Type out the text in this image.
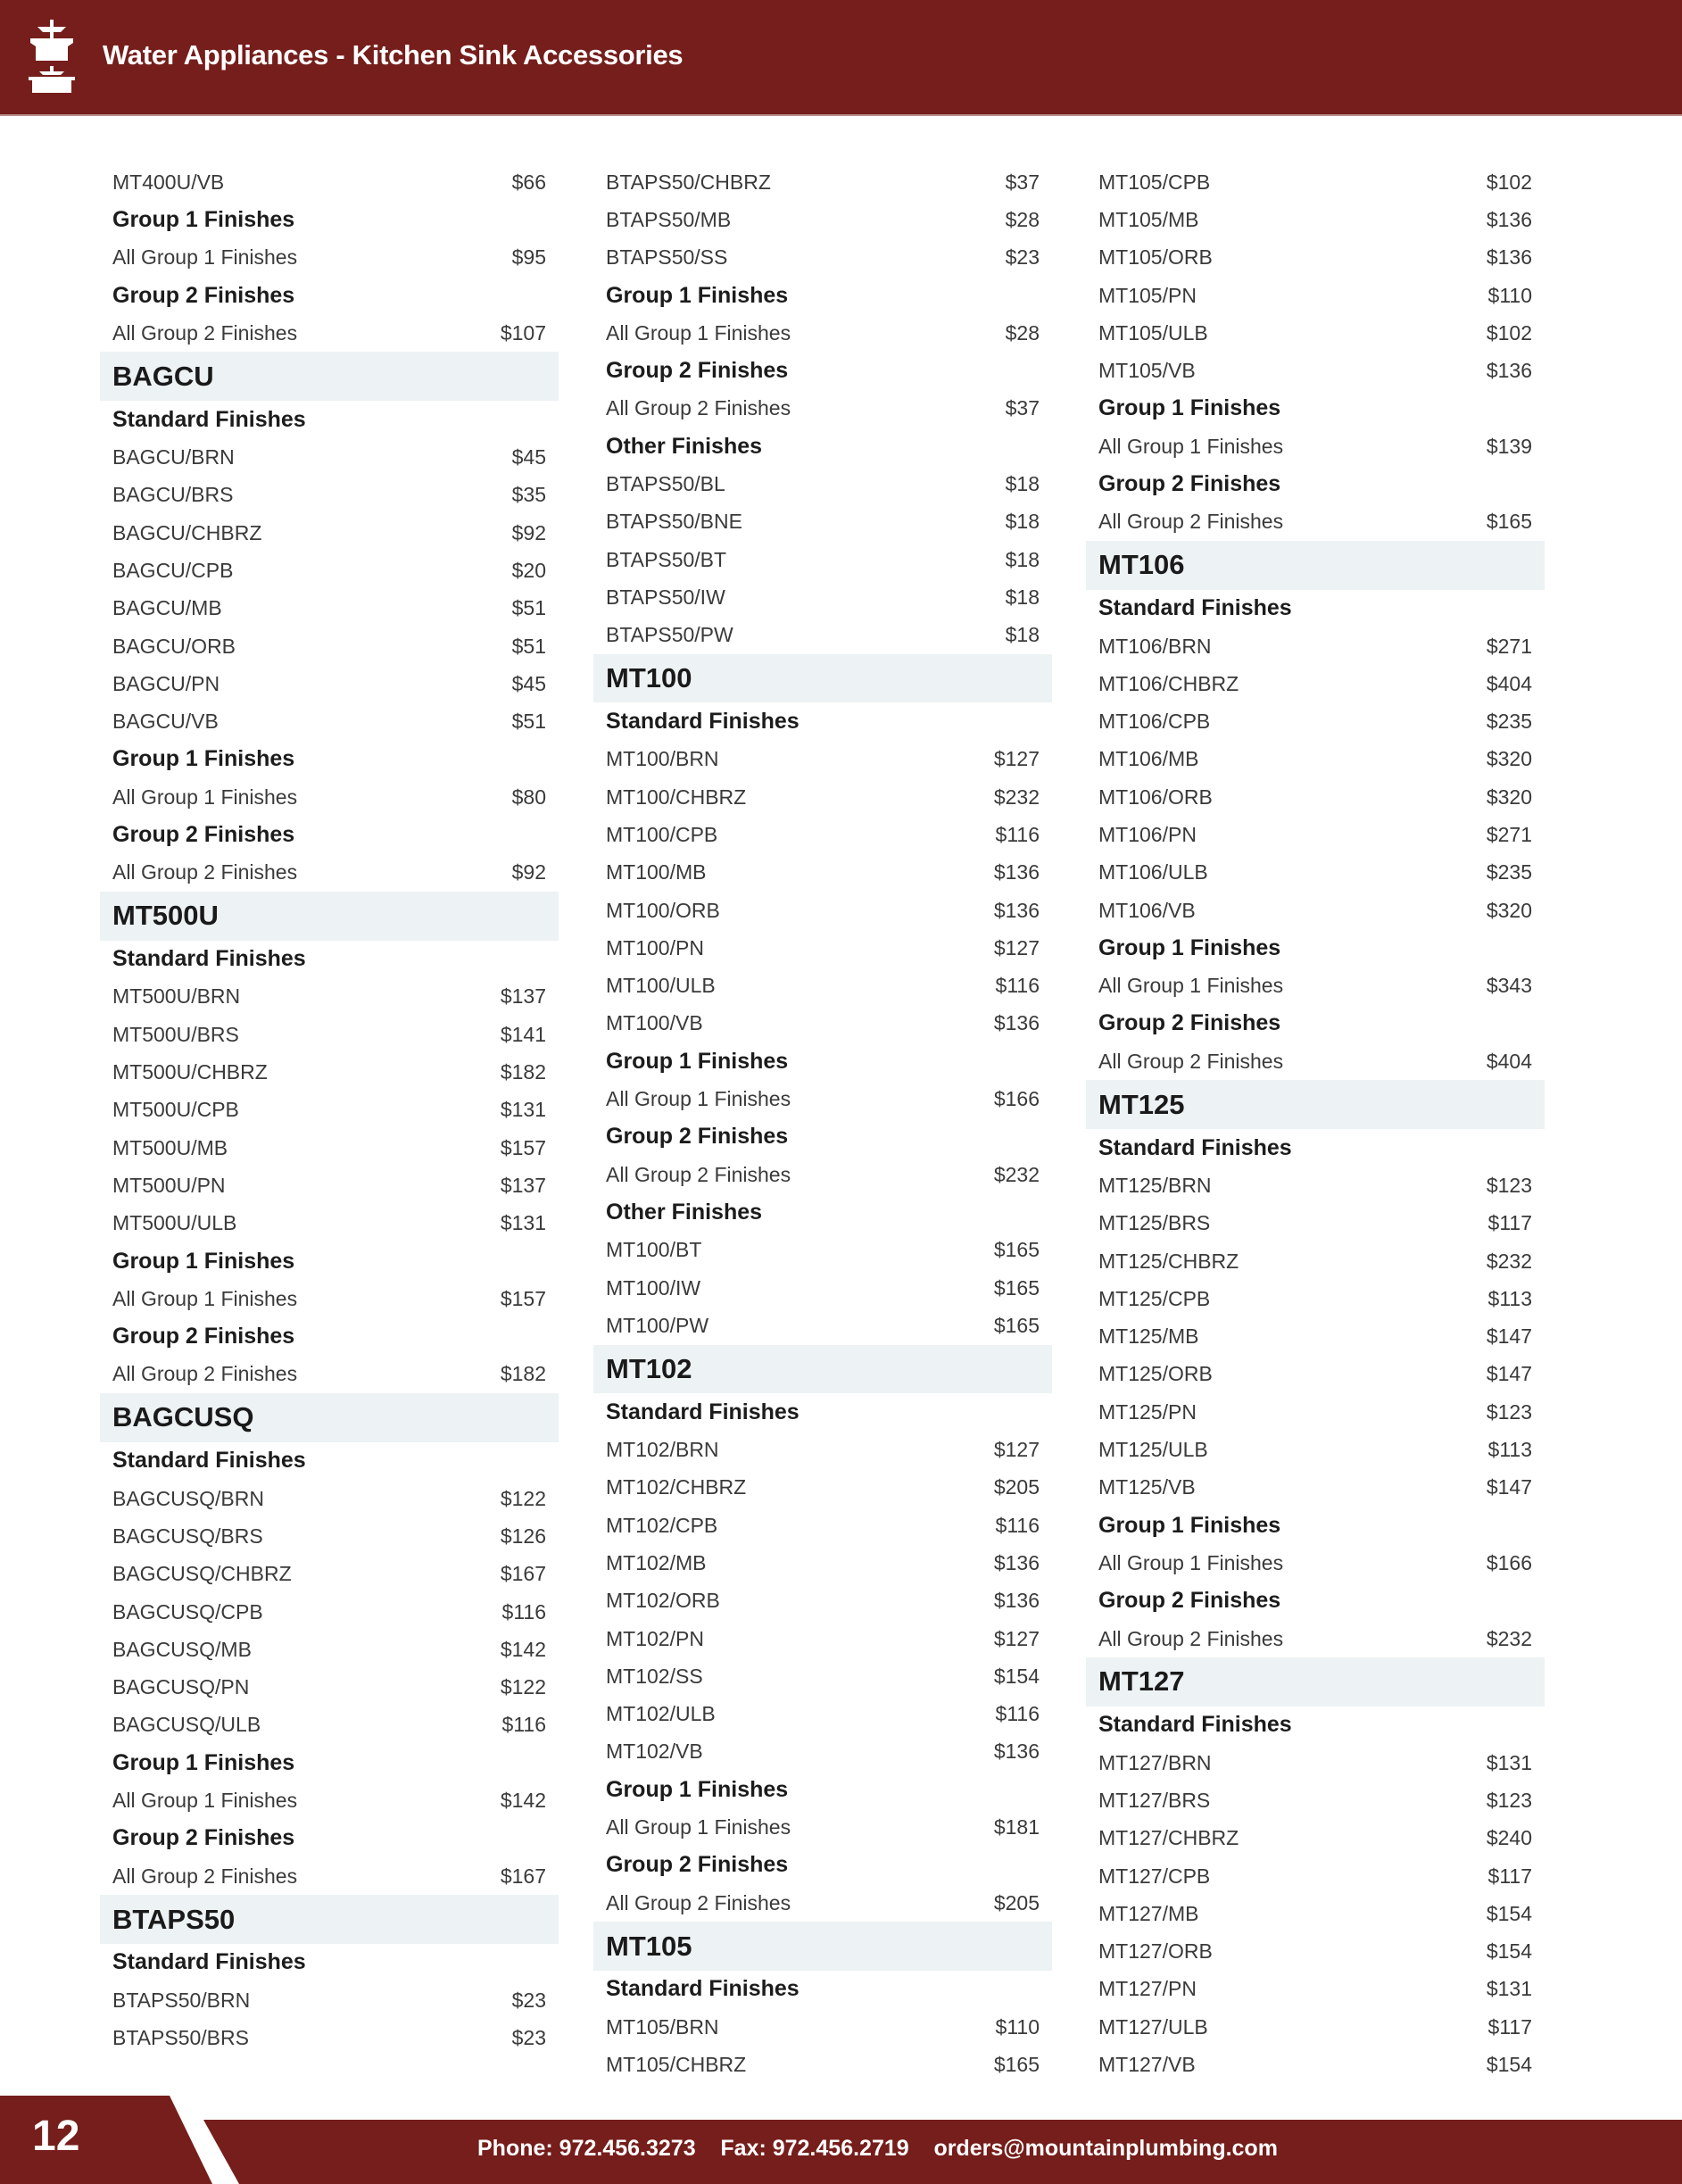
Water Appliances - Kitchen Sink Accessories
MT400U/VB	$66
Group 1 Finishes
All Group 1 Finishes	$95
Group 2 Finishes
All Group 2 Finishes	$107
BAGCU
Standard Finishes
BAGCU/BRN	$45
BAGCU/BRS	$35
BAGCU/CHBRZ	$92
BAGCU/CPB	$20
BAGCU/MB	$51
BAGCU/ORB	$51
BAGCU/PN	$45
BAGCU/VB	$51
Group 1 Finishes
All Group 1 Finishes	$80
Group 2 Finishes
All Group 2 Finishes	$92
MT500U
Standard Finishes
MT500U/BRN	$137
MT500U/BRS	$141
MT500U/CHBRZ	$182
MT500U/CPB	$131
MT500U/MB	$157
MT500U/PN	$137
MT500U/ULB	$131
Group 1 Finishes
All Group 1 Finishes	$157
Group 2 Finishes
All Group 2 Finishes	$182
BAGCUSQ
Standard Finishes
BAGCUSQ/BRN	$122
BAGCUSQ/BRS	$126
BAGCUSQ/CHBRZ	$167
BAGCUSQ/CPB	$116
BAGCUSQ/MB	$142
BAGCUSQ/PN	$122
BAGCUSQ/ULB	$116
Group 1 Finishes
All Group 1 Finishes	$142
Group 2 Finishes
All Group 2 Finishes	$167
BTAPS50
Standard Finishes
BTAPS50/BRN	$23
BTAPS50/BRS	$23
BTAPS50/CHBRZ	$37
BTAPS50/MB	$28
BTAPS50/SS	$23
Group 1 Finishes
All Group 1 Finishes	$28
Group 2 Finishes
All Group 2 Finishes	$37
Other Finishes
BTAPS50/BL	$18
BTAPS50/BNE	$18
BTAPS50/BT	$18
BTAPS50/IW	$18
BTAPS50/PW	$18
MT100
Standard Finishes
MT100/BRN	$127
MT100/CHBRZ	$232
MT100/CPB	$116
MT100/MB	$136
MT100/ORB	$136
MT100/PN	$127
MT100/ULB	$116
MT100/VB	$136
Group 1 Finishes
All Group 1 Finishes	$166
Group 2 Finishes
All Group 2 Finishes	$232
Other Finishes
MT100/BT	$165
MT100/IW	$165
MT100/PW	$165
MT102
Standard Finishes
MT102/BRN	$127
MT102/CHBRZ	$205
MT102/CPB	$116
MT102/MB	$136
MT102/ORB	$136
MT102/PN	$127
MT102/SS	$154
MT102/ULB	$116
MT102/VB	$136
Group 1 Finishes
All Group 1 Finishes	$181
Group 2 Finishes
All Group 2 Finishes	$205
MT105
Standard Finishes
MT105/BRN	$110
MT105/CHBRZ	$165
MT105/CPB	$102
MT105/MB	$136
MT105/ORB	$136
MT105/PN	$110
MT105/ULB	$102
MT105/VB	$136
Group 1 Finishes
All Group 1 Finishes	$139
Group 2 Finishes
All Group 2 Finishes	$165
MT106
Standard Finishes
MT106/BRN	$271
MT106/CHBRZ	$404
MT106/CPB	$235
MT106/MB	$320
MT106/ORB	$320
MT106/PN	$271
MT106/ULB	$235
MT106/VB	$320
Group 1 Finishes
All Group 1 Finishes	$343
Group 2 Finishes
All Group 2 Finishes	$404
MT125
Standard Finishes
MT125/BRN	$123
MT125/BRS	$117
MT125/CHBRZ	$232
MT125/CPB	$113
MT125/MB	$147
MT125/ORB	$147
MT125/PN	$123
MT125/ULB	$113
MT125/VB	$147
Group 1 Finishes
All Group 1 Finishes	$166
Group 2 Finishes
All Group 2 Finishes	$232
MT127
Standard Finishes
MT127/BRN	$131
MT127/BRS	$123
MT127/CHBRZ	$240
MT127/CPB	$117
MT127/MB	$154
MT127/ORB	$154
MT127/PN	$131
MT127/ULB	$117
MT127/VB	$154
12	Phone: 972.456.3273    Fax: 972.456.2719    orders@mountainplumbing.com
